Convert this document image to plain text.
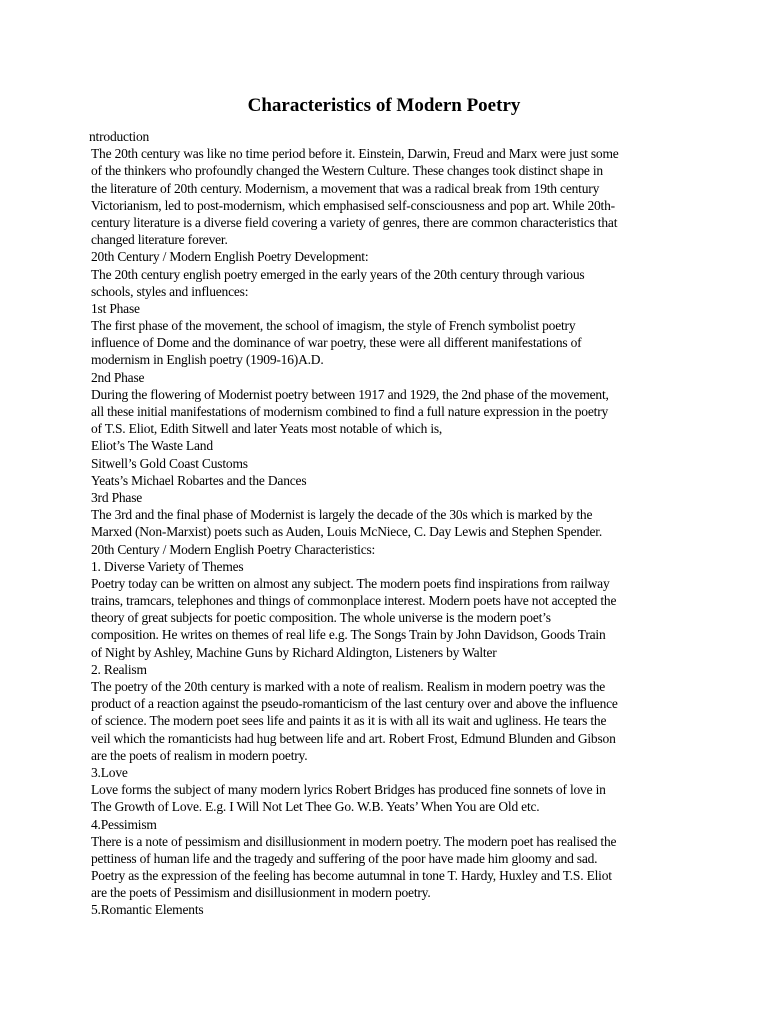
Characteristics of Modern Poetry
ntroduction
The 20th century was like no time period before it. Einstein, Darwin, Freud and Marx were just some
of the thinkers who profoundly changed the Western Culture. These changes took distinct shape in
the literature of 20th century. Modernism, a movement that was a radical break from 19th century
Victorianism, led to post-modernism, which emphasised self-consciousness and pop art. While 20th-
century literature is a diverse field covering a variety of genres, there are common characteristics that
changed literature forever.
20th Century / Modern English Poetry Development:
The 20th century english poetry emerged in the early years of the 20th century through various
schools, styles and influences:
1st Phase
The first phase of the movement, the school of imagism, the style of French symbolist poetry
influence of Dome and the dominance of war poetry, these were all different manifestations of
modernism in English poetry (1909-16)A.D.
2nd Phase
During the flowering of Modernist poetry between 1917 and 1929, the 2nd phase of the movement,
all these initial manifestations of modernism combined to find a full nature expression in the poetry
of T.S. Eliot, Edith Sitwell and later Yeats most notable of which is,
Eliot’s The Waste Land
Sitwell’s Gold Coast Customs
Yeats’s Michael Robartes and the Dances
3rd Phase
The 3rd and the final phase of Modernist is largely the decade of the 30s which is marked by the
Marxed (Non-Marxist) poets such as Auden, Louis McNiece, C. Day Lewis and Stephen Spender.
20th Century / Modern English Poetry Characteristics:
1. Diverse Variety of Themes
Poetry today can be written on almost any subject. The modern poets find inspirations from railway
trains, tramcars, telephones and things of commonplace interest. Modern poets have not accepted the
theory of great subjects for poetic composition. The whole universe is the modern poet’s
composition. He writes on themes of real life e.g. The Songs Train by John Davidson, Goods Train
of Night by Ashley, Machine Guns by Richard Aldington, Listeners by Walter
2. Realism
The poetry of the 20th century is marked with a note of realism. Realism in modern poetry was the
product of a reaction against the pseudo-romanticism of the last century over and above the influence
of science. The modern poet sees life and paints it as it is with all its wait and ugliness. He tears the
veil which the romanticists had hug between life and art. Robert Frost, Edmund Blunden and Gibson
are the poets of realism in modern poetry.
3.Love
Love forms the subject of many modern lyrics Robert Bridges has produced fine sonnets of love in
The Growth of Love. E.g. I Will Not Let Thee Go. W.B. Yeats’ When You are Old etc.
4.Pessimism
There is a note of pessimism and disillusionment in modern poetry. The modern poet has realised the
pettiness of human life and the tragedy and suffering of the poor have made him gloomy and sad.
Poetry as the expression of the feeling has become autumnal in tone T. Hardy, Huxley and T.S. Eliot
are the poets of Pessimism and disillusionment in modern poetry.
5.Romantic Elements
